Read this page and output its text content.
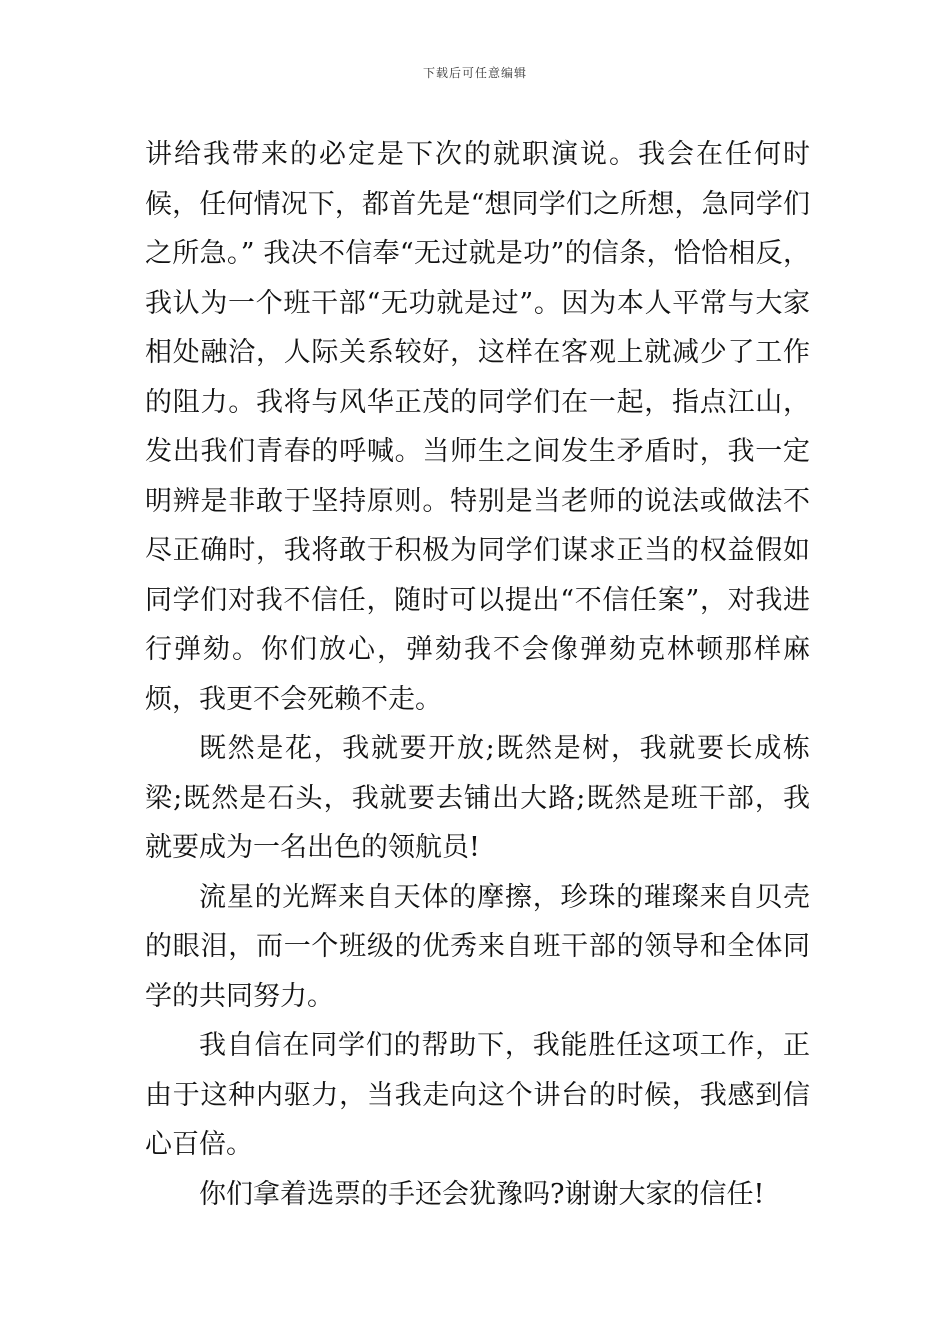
下载后可任意编辑

讲给我带来的必定是下次的就职演说。我会在任何时候，任何情况下，都首先是“想同学们之所想，急同学们之所急。” 我决不信奉“无过就是功”的信条，恰恰相反，我认为一个班干部“无功就是过”。因为本人平常与大家相处融洽，人际关系较好，这样在客观上就减少了工作的阻力。我将与风华正茂的同学们在一起，指点江山，发出我们青春的呼喊。当师生之间发生矛盾时，我一定明辨是非敢于坚持原则。特别是当老师的说法或做法不尽正确时，我将敢于积极为同学们谋求正当的权益假如同学们对我不信任，随时可以提出“不信任案”，对我进行弹劾。你们放心，弹劾我不会像弹劾克林顿那样麻烦，我更不会死赖不走。

既然是花，我就要开放;既然是树，我就要长成栋梁;既然是石头，我就要去铺出大路;既然是班干部，我就要成为一名出色的领航员!

流星的光辉来自天体的摩擦，珍珠的璀璨来自贝壳的眼泪，而一个班级的优秀来自班干部的领导和全体同学的共同努力。

我自信在同学们的帮助下，我能胜任这项工作，正由于这种内驱力，当我走向这个讲台的时候，我感到信心百倍。

你们拿着选票的手还会犹豫吗?谢谢大家的信任!
